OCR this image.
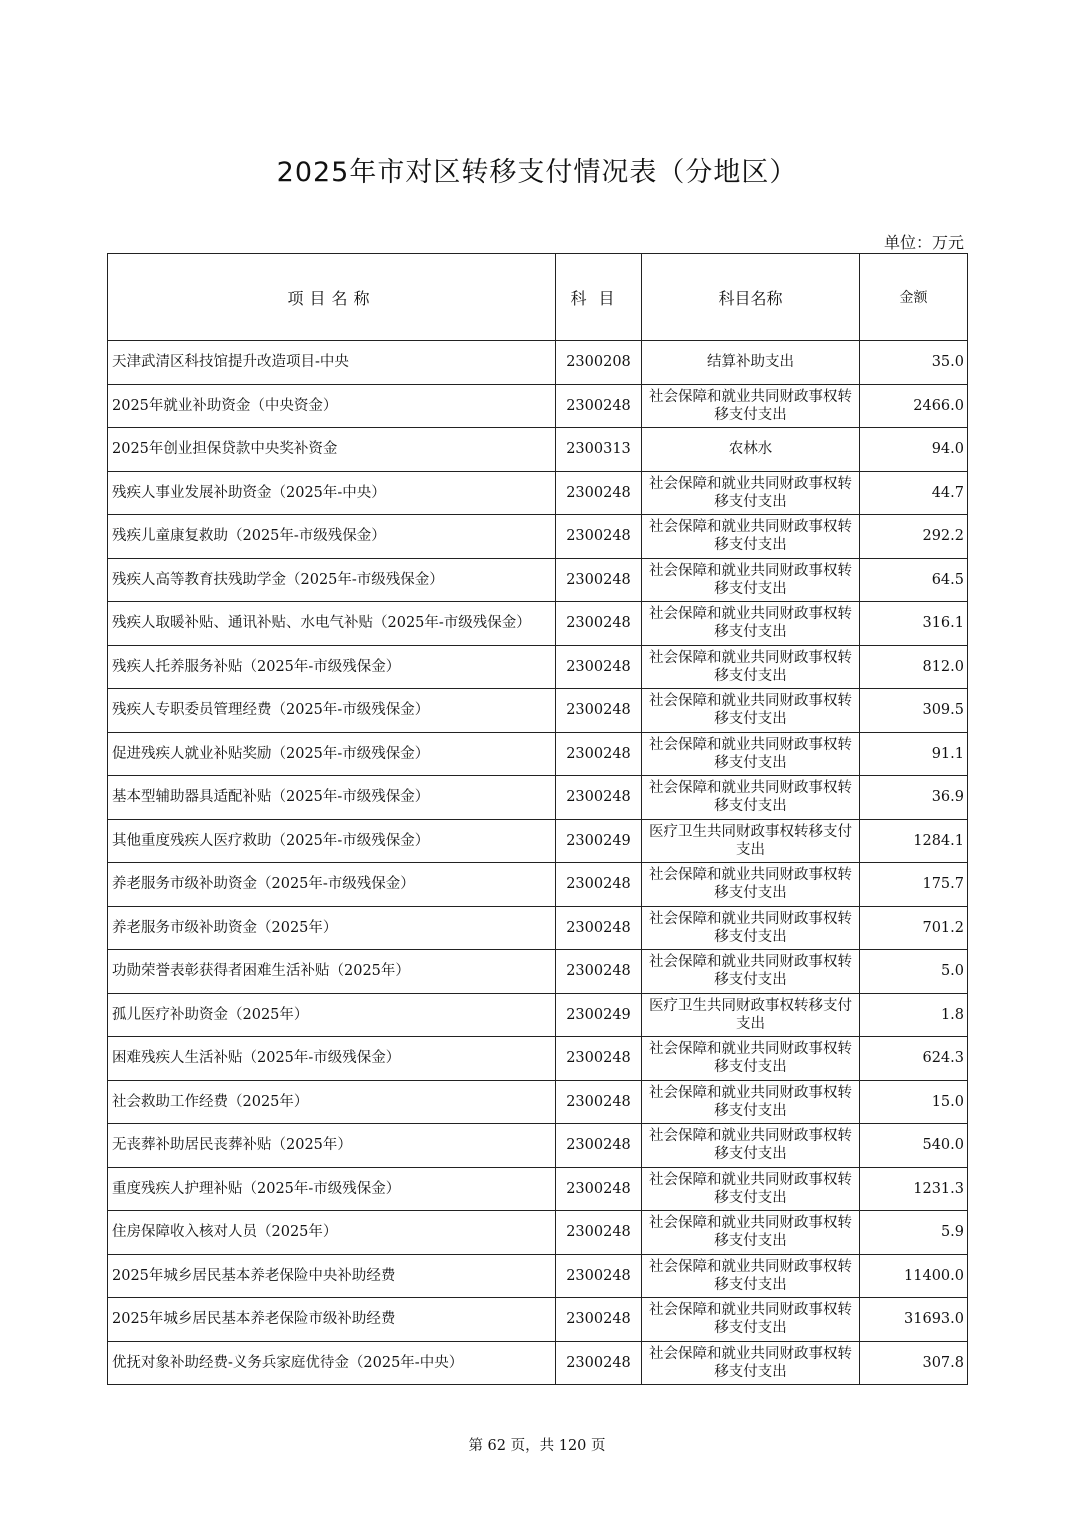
2025年市对区转移支付情况表（分地区）
单位：万元
项目名称	科目	科目名称	金额
天津武清区科技馆提升改造项目-中央	2300208	结算补助支出	35.0
2025年就业补助资金（中央资金）	2300248	社会保障和就业共同财政事权转移支付支出	2466.0
2025年创业担保贷款中央奖补资金	2300313	农林水	94.0
残疾人事业发展补助资金（2025年-中央）	2300248	社会保障和就业共同财政事权转移支付支出	44.7
残疾儿童康复救助（2025年-市级残保金）	2300248	社会保障和就业共同财政事权转移支付支出	292.2
残疾人高等教育扶残助学金（2025年-市级残保金）	2300248	社会保障和就业共同财政事权转移支付支出	64.5
残疾人取暖补贴、通讯补贴、水电气补贴（2025年-市级残保金）	2300248	社会保障和就业共同财政事权转移支付支出	316.1
残疾人托养服务补贴（2025年-市级残保金）	2300248	社会保障和就业共同财政事权转移支付支出	812.0
残疾人专职委员管理经费（2025年-市级残保金）	2300248	社会保障和就业共同财政事权转移支付支出	309.5
促进残疾人就业补贴奖励（2025年-市级残保金）	2300248	社会保障和就业共同财政事权转移支付支出	91.1
基本型辅助器具适配补贴（2025年-市级残保金）	2300248	社会保障和就业共同财政事权转移支付支出	36.9
其他重度残疾人医疗救助（2025年-市级残保金）	2300249	医疗卫生共同财政事权转移支付支出	1284.1
养老服务市级补助资金（2025年-市级残保金）	2300248	社会保障和就业共同财政事权转移支付支出	175.7
养老服务市级补助资金（2025年）	2300248	社会保障和就业共同财政事权转移支付支出	701.2
功勋荣誉表彰获得者困难生活补贴（2025年）	2300248	社会保障和就业共同财政事权转移支付支出	5.0
孤儿医疗补助资金（2025年）	2300249	医疗卫生共同财政事权转移支付支出	1.8
困难残疾人生活补贴（2025年-市级残保金）	2300248	社会保障和就业共同财政事权转移支付支出	624.3
社会救助工作经费（2025年）	2300248	社会保障和就业共同财政事权转移支付支出	15.0
无丧葬补助居民丧葬补贴（2025年）	2300248	社会保障和就业共同财政事权转移支付支出	540.0
重度残疾人护理补贴（2025年-市级残保金）	2300248	社会保障和就业共同财政事权转移支付支出	1231.3
住房保障收入核对人员（2025年）	2300248	社会保障和就业共同财政事权转移支付支出	5.9
2025年城乡居民基本养老保险中央补助经费	2300248	社会保障和就业共同财政事权转移支付支出	11400.0
2025年城乡居民基本养老保险市级补助经费	2300248	社会保障和就业共同财政事权转移支付支出	31693.0
优抚对象补助经费-义务兵家庭优待金（2025年-中央）	2300248	社会保障和就业共同财政事权转移支付支出	307.8
第 62 页，共 120 页
